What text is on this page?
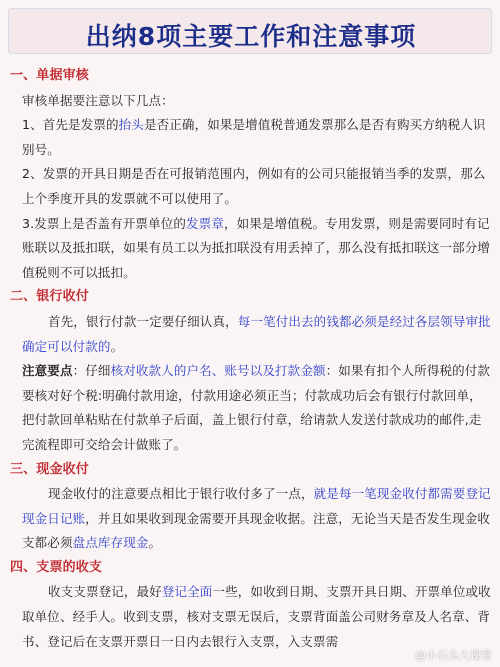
出纳8项主要工作和注意事项
一、单据审核
审核单据要注意以下几点：
1、首先是发票的抬头是否正确，如果是增值税普通发票那么是否有购买方纳税人识别号。
2、发票的开具日期是否在可报销范围内，例如有的公司只能报销当季的发票，那么上个季度开具的发票就不可以使用了。
3.发票上是否盖有开票单位的发票章，如果是增值税。专用发票，则是需要同时有记账联以及抵扣联，如果有员工以为抵扣联没有用丢掉了，那么没有抵扣联这一部分增值税则不可以抵扣。
二、银行收付
首先，银行付款一定要仔细认真，每一笔付出去的钱都必须是经过各层领导审批确定可以付款的。
注意要点：仔细核对收款人的户名、账号以及打款金额：如果有扣个人所得税的付款要核对好个税:明确付款用途，付款用途必须正当；付款成功后会有银行付款回单，把付款回单粘贴在付款单子后面，盖上银行付章，给请款人发送付款成功的邮件,走完流程即可交给会计做账了。
三、现金收付
现金收付的注意要点相比于银行收付多了一点，就是每一笔现金收付都需要登记现金日记账，并且如果收到现金需要开具现金收据。注意，无论当天是否发生现金收支都必须盘点库存现金。
四、支票的收支
收支支票登记，最好登记全面一些，如收到日期、支票开具日期、开票单位或收取单位、经手人。收到支票，核对支票无误后，支票背面盖公司财务章及人名章、背书、登记后在支票开票日一日内去银行入支票，入支票需
@小石头大课堂
